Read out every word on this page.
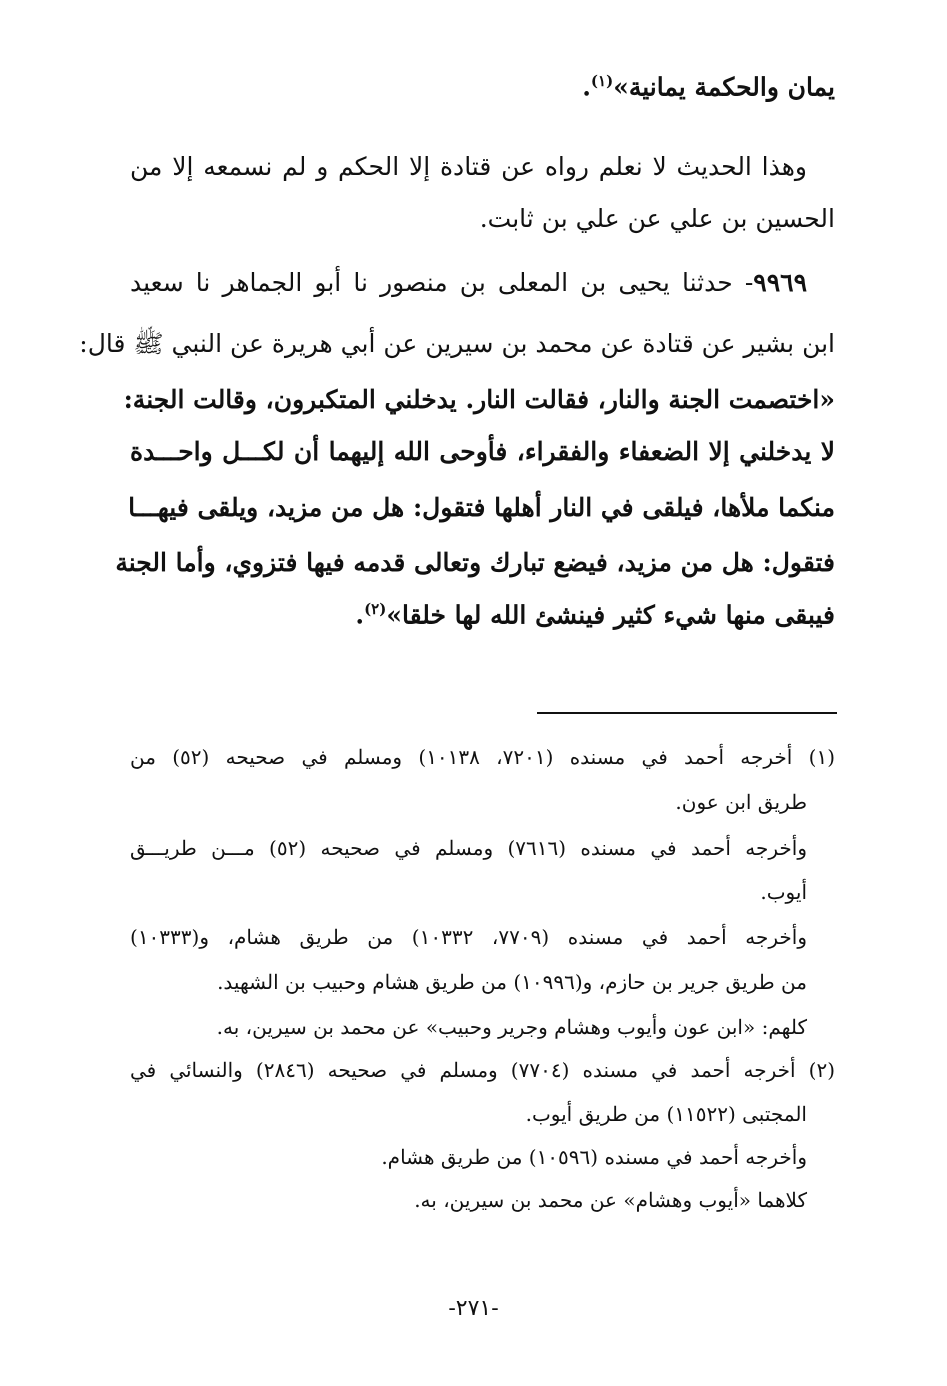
يمان والحكمة يمانية»$^{(١)}$.
وهذا الحديث لا نعلم رواه عن قتادة إلا الحكم و لم نسمعه إلا من
الحسين بن علي عن علي بن ثابت.
٩٩٦٩- حدثنا يحيى بن المعلى بن منصور نا أبو الجماهر نا سعيد
ابن بشير عن قتادة عن محمد بن سيرين عن أبي هريرة عن النبي ﷺ قال:
«اختصمت الجنة والنار، فقالت النار. يدخلني المتكبرون، وقالت الجنة:
لا يدخلني إلا الضعفاء والفقراء، فأوحى الله إليهما أن لكـــل واحـــدة
منكما ملأها، فيلقى في النار أهلها فتقول: هل من مزيد، ويلقى فيهـــا
فتقول: هل من مزيد، فيضع تبارك وتعالى قدمه فيها فتزوي، وأما الجنة
فيبقى منها شيء كثير فينشئ الله لها خلقا»$^{(٢)}$.
(١) أخرجه أحمد في مسنده (٧٢٠١، ١٠١٣٨) ومسلم في صحيحه (٥٢) من
طريق ابن عون.
وأخرجه أحمد في مسنده (٧٦١٦) ومسلم في صحيحه (٥٢) مـــن طريـــق
أيوب.
وأخرجه أحمد في مسنده (٧٧٠٩، ١٠٣٣٢) من طريق هشام، و(١٠٣٣٣)
من طريق جرير بن حازم، و(١٠٩٩٦) من طريق هشام وحبيب بن الشهيد.
كلهم: «ابن عون وأيوب وهشام وجرير وحبيب» عن محمد بن سيرين، به.
(٢) أخرجه أحمد في مسنده (٧٧٠٤) ومسلم في صحيحه (٢٨٤٦) والنسائي في
المجتبى (١١٥٢٢) من طريق أيوب.
وأخرجه أحمد في مسنده (١٠٥٩٦) من طريق هشام.
كلاهما «أيوب وهشام» عن محمد بن سيرين، به.
-٢٧١-
